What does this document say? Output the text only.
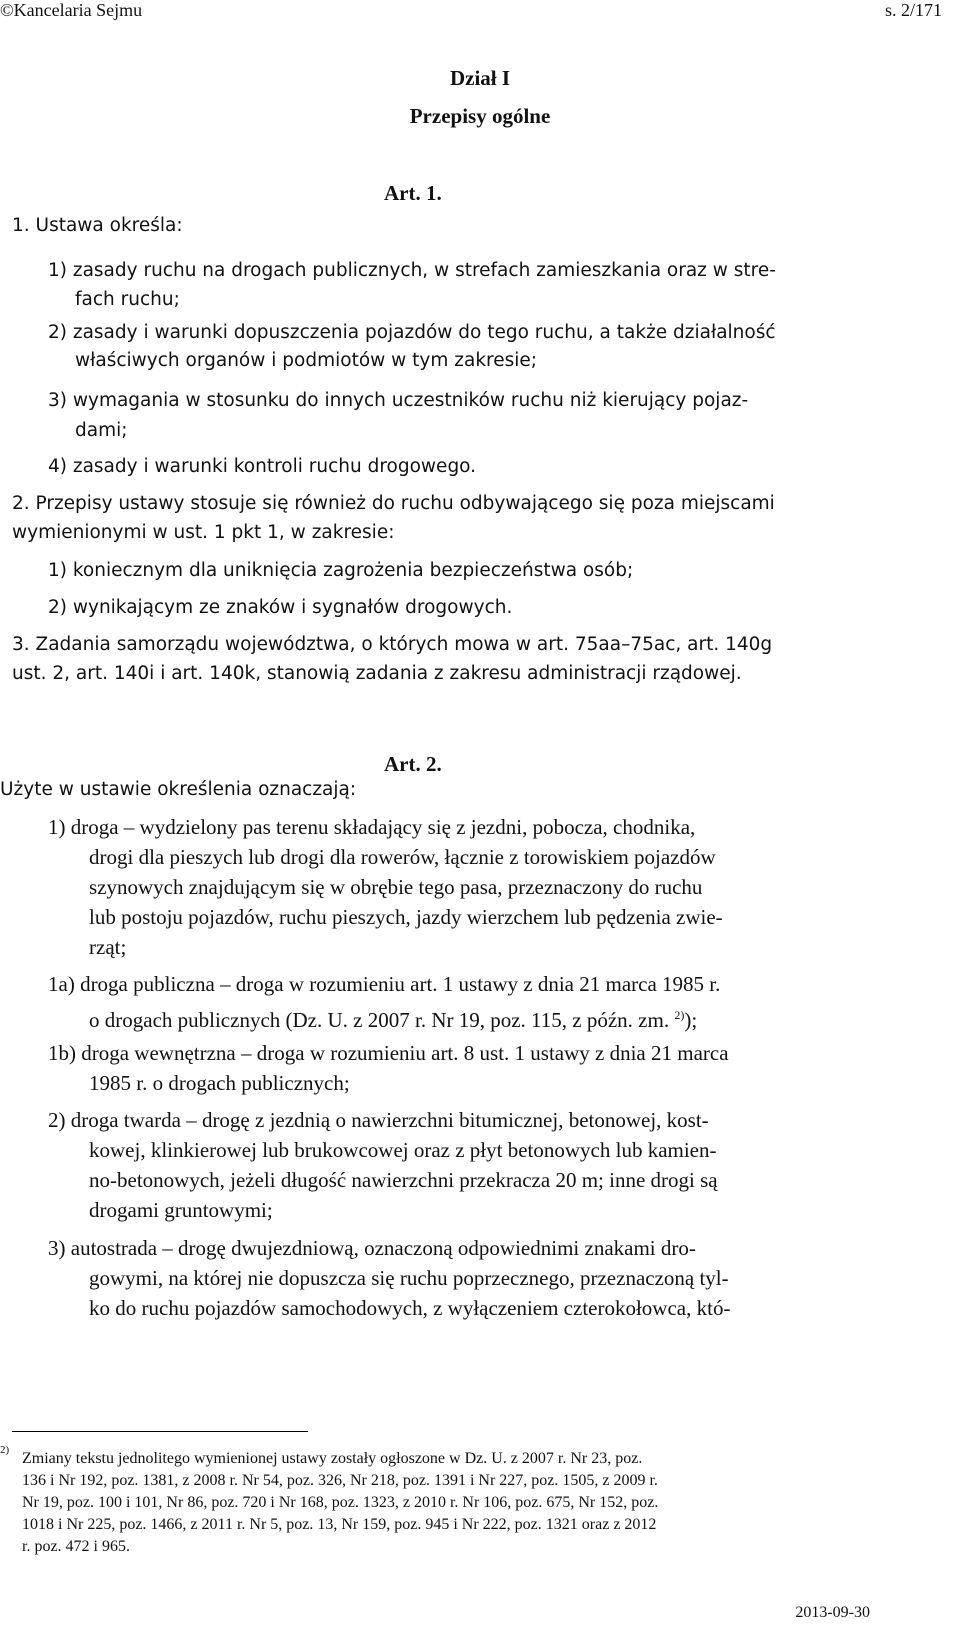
©Kancelaria Sejmu	s. 2/171
Dział I
Przepisy ogólne
Art. 1.
1. Ustawa określa:
1) zasady ruchu na drogach publicznych, w strefach zamieszkania oraz w stre-
fach ruchu;
2) zasady i warunki dopuszczenia pojazdów do tego ruchu, a także działalność
właściwych organów i podmiotów w tym zakresie;
3) wymagania w stosunku do innych uczestników ruchu niż kierujący pojaz-
dami;
4) zasady i warunki kontroli ruchu drogowego.
2. Przepisy ustawy stosuje się również do ruchu odbywającego się poza miejscami
wymienionymi w ust. 1 pkt 1, w zakresie:
1) koniecznym dla uniknięcia zagrożenia bezpieczeństwa osób;
2) wynikającym ze znaków i sygnałów drogowych.
3. Zadania samorządu województwa, o których mowa w art. 75aa–75ac, art. 140g
ust. 2, art. 140i i art. 140k, stanowią zadania z zakresu administracji rządowej.
Art. 2.
Użyte w ustawie określenia oznaczają:
1) droga – wydzielony pas terenu składający się z jezdni, pobocza, chodnika,
drogi dla pieszych lub drogi dla rowerów, łącznie z torowiskiem pojazdów
szynowych znajdującym się w obrębie tego pasa, przeznaczony do ruchu
lub postoju pojazdów, ruchu pieszych, jazdy wierzchem lub pędzenia zwie-
rząt;
1a) droga publiczna – droga w rozumieniu art. 1 ustawy z dnia 21 marca 1985 r.
o drogach publicznych (Dz. U. z 2007 r. Nr 19, poz. 115, z późn. zm. $^{2)}$);
1b) droga wewnętrzna – droga w rozumieniu art. 8 ust. 1 ustawy z dnia 21 marca
1985 r. o drogach publicznych;
2) droga twarda – drogę z jezdnią o nawierzchni bitumicznej, betonowej, kost-
kowej, klinkierowej lub brukowcowej oraz z płyt betonowych lub kamien-
no-betonowych, jeżeli długość nawierzchni przekracza 20 m; inne drogi są
drogami gruntowymi;
3) autostrada – drogę dwujezdniową, oznaczoną odpowiednimi znakami dro-
gowymi, na której nie dopuszcza się ruchu poprzecznego, przeznaczoną tyl-
ko do ruchu pojazdów samochodowych, z wyłączeniem czterokołowca, któ-
2) Zmiany tekstu jednolitego wymienionej ustawy zostały ogłoszone w Dz. U. z 2007 r. Nr 23, poz.
136 i Nr 192, poz. 1381, z 2008 r. Nr 54, poz. 326, Nr 218, poz. 1391 i Nr 227, poz. 1505, z 2009 r.
Nr 19, poz. 100 i 101, Nr 86, poz. 720 i Nr 168, poz. 1323, z 2010 r. Nr 106, poz. 675, Nr 152, poz.
1018 i Nr 225, poz. 1466, z 2011 r. Nr 5, poz. 13, Nr 159, poz. 945 i Nr 222, poz. 1321 oraz z 2012
r. poz. 472 i 965.
2013-09-30
